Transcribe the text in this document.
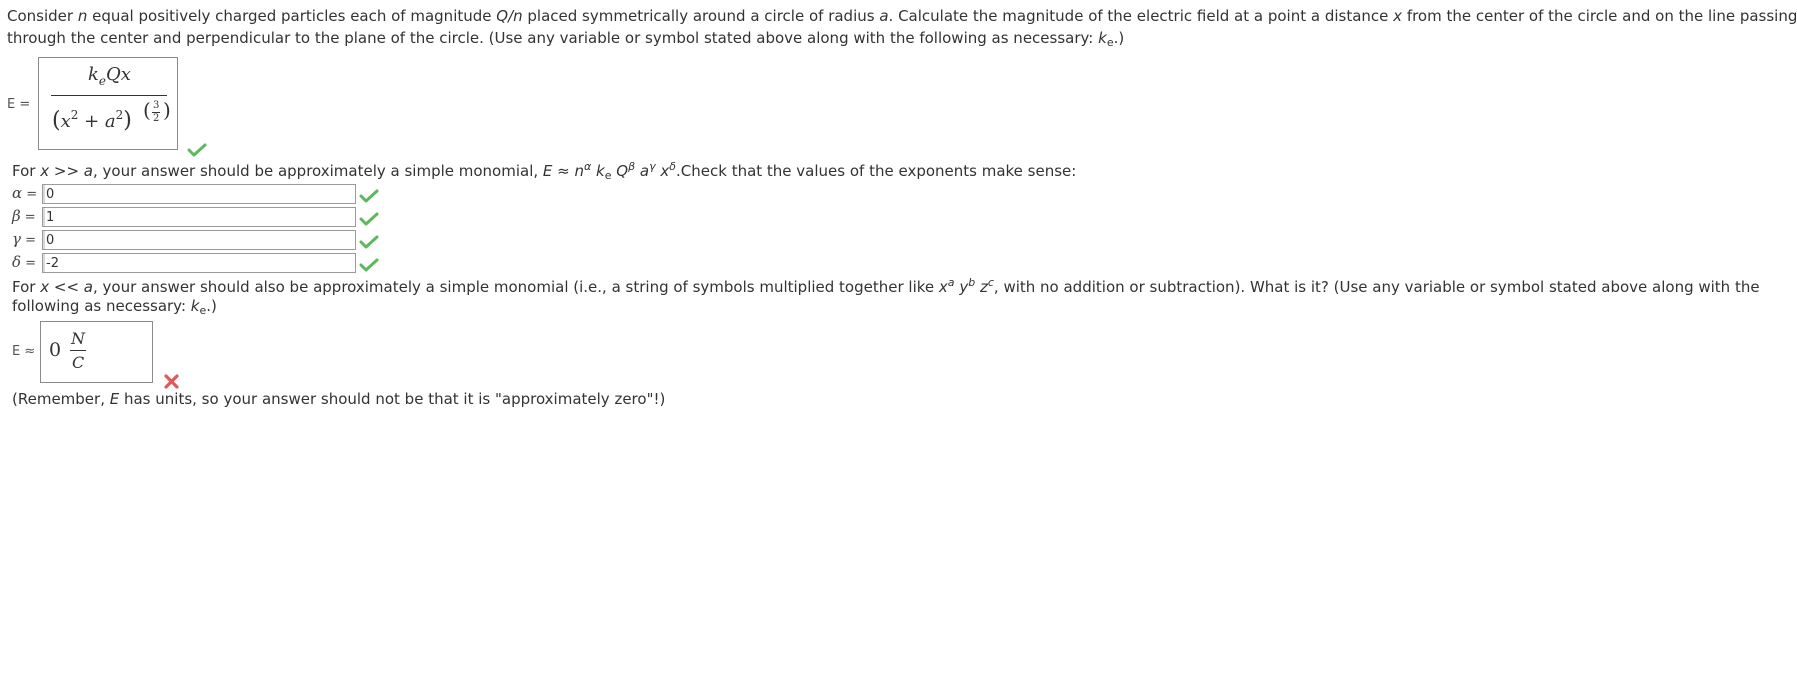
Consider n equal positively charged particles each of magnitude Q/n placed symmetrically around a circle of radius a. Calculate the magnitude of the electric field at a point a distance x from the center of the circle and on the line passing
through the center and perpendicular to the plane of the circle. (Use any variable or symbol stated above along with the following as necessary: $k_e$.)
E =
$k_eQx$
$(x^2 + a^2)$ ( 3
2 )
For x >> a, your answer should be approximately a simple monomial, $E \approx n^\alpha$ $k_e$ $Q^\beta$ $a^\gamma$ $x^\delta.Check$ that the values of the exponents make sense:
α = 0
β = 1
γ = 0
δ = -2
For x << a, your answer should also be approximately a simple monomial (i.e., a string of symbols multiplied together like $x^a$ $y^b$ $z^c$, with no addition or subtraction). What is it? (Use any variable or symbol stated above along with the
following as necessary: $k_e$.)
E ≈ 0
N
C
(Remember, E has units, so your answer should not be that it is "approximately zero"!)
